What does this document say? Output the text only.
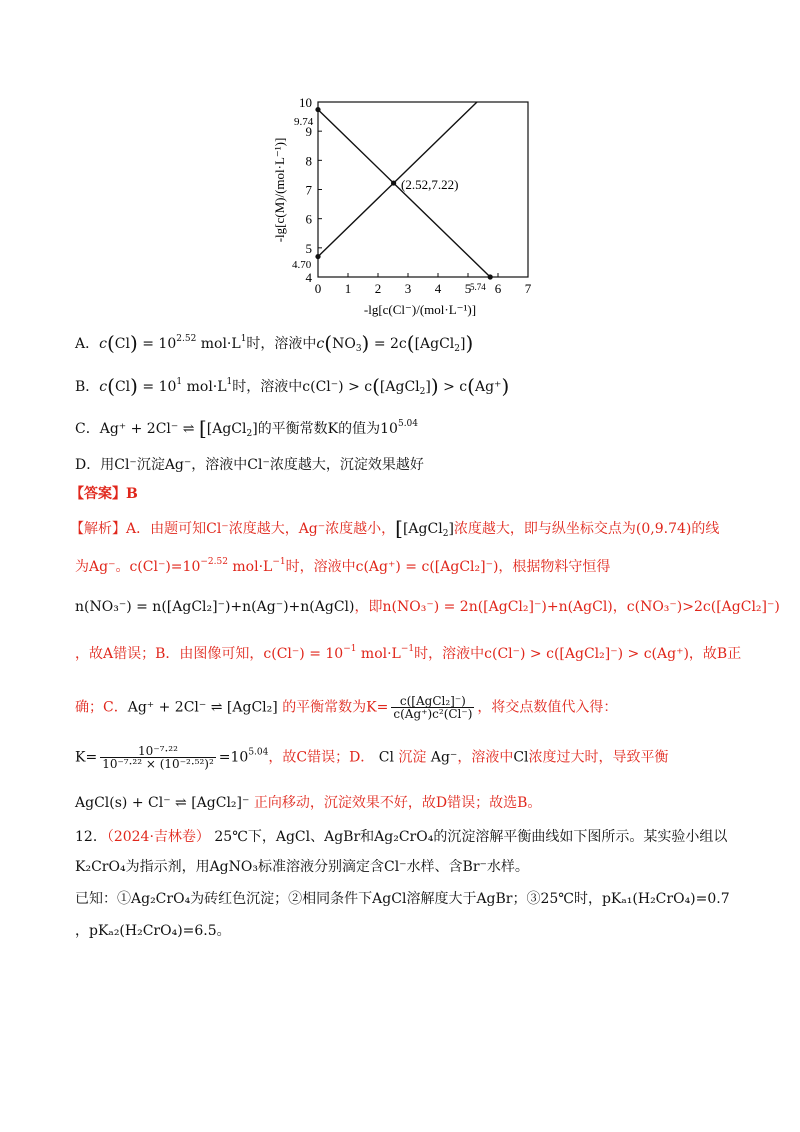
4
5
6
7
8
9
10
0 1 2 3 4 5 6 7
9.74
4.70
5.74
(2.52,7.22)
-lg[c(Cl⁻)/(mol·L⁻¹)]
-lg[c(M)/(mol·L⁻¹)]
A．$c(Cl) = 10^{2.52}$ $mol\cdot L^1$时，溶液中$c(NO_3)$ = 2c([AgCl$_2$])
B．$c(Cl) = 10^1$ $mol\cdot L^1$时，溶液中c(Cl⁻) > c([AgCl$_2$]) > c(Ag⁺)
C．Ag⁺ + 2Cl⁻ ⇌ [[AgCl$_2$]的平衡常数K的值为$10^{5.04}$
D．用Cl⁻沉淀Ag⁻，溶液中Cl⁻浓度越大，沉淀效果越好
【答案】B
【解析】A．由题可知Cl⁻浓度越大，Ag⁻浓度越小，[[AgCl$_2$]浓度越大，即与纵坐标交点为(0,9.74)的线
为Ag⁻。$c(Cl^-)=10^{-2.52}$ $mol\cdot L^{-1}$时，溶液中c(Ag⁺) = c([AgCl₂]⁻)，根据物料守恒得
n(NO₃⁻) = n([AgCl₂]⁻)+n(Ag⁻)+n(AgCl)，即n(NO₃⁻) = 2n([AgCl₂]⁻)+n(AgCl)，c(NO₃⁻)>2c([AgCl₂]⁻)
，故A错误；B．由图像可知，$c(Cl^-) = 10^{-1}$ $mol\cdot L^{-1}$时，溶液中c(Cl⁻) > c([AgCl₂]⁻) > c(Ag⁺)，故B正
确；C．Ag⁺ + 2Cl⁻ ⇌ [AgCl₂] 的平衡常数为$K= \frac{\text{c([AgCl₂]⁻)}}{\text{c(Ag⁺)c²(Cl⁻)}}$ ，将交点数值代入得：
$K= \frac{\text{10⁻⁷·²²}}{\text{10⁻⁷·²² × (10⁻²·⁵²)²}} =10^{5.04}$，故C错误；D． Cl 沉淀 Ag⁻，溶液中Cl浓度过大时，导致平衡
AgCl(s) + Cl⁻ ⇌ [AgCl₂]⁻ 正向移动，沉淀效果不好，故D错误；故选B。
12．（2024·吉林卷） 25℃下，AgCl、AgBr和Ag₂CrO₄的沉淀溶解平衡曲线如下图所示。某实验小组以
K₂CrO₄为指示剂，用AgNO₃标准溶液分别滴定含Cl⁻水样、含Br⁻水样。
已知：①Ag₂CrO₄为砖红色沉淀；②相同条件下AgCl溶解度大于AgBr；③25℃时，pKₐ₁(H₂CrO₄)=0.7
，pKₐ₂(H₂CrO₄)=6.5。
